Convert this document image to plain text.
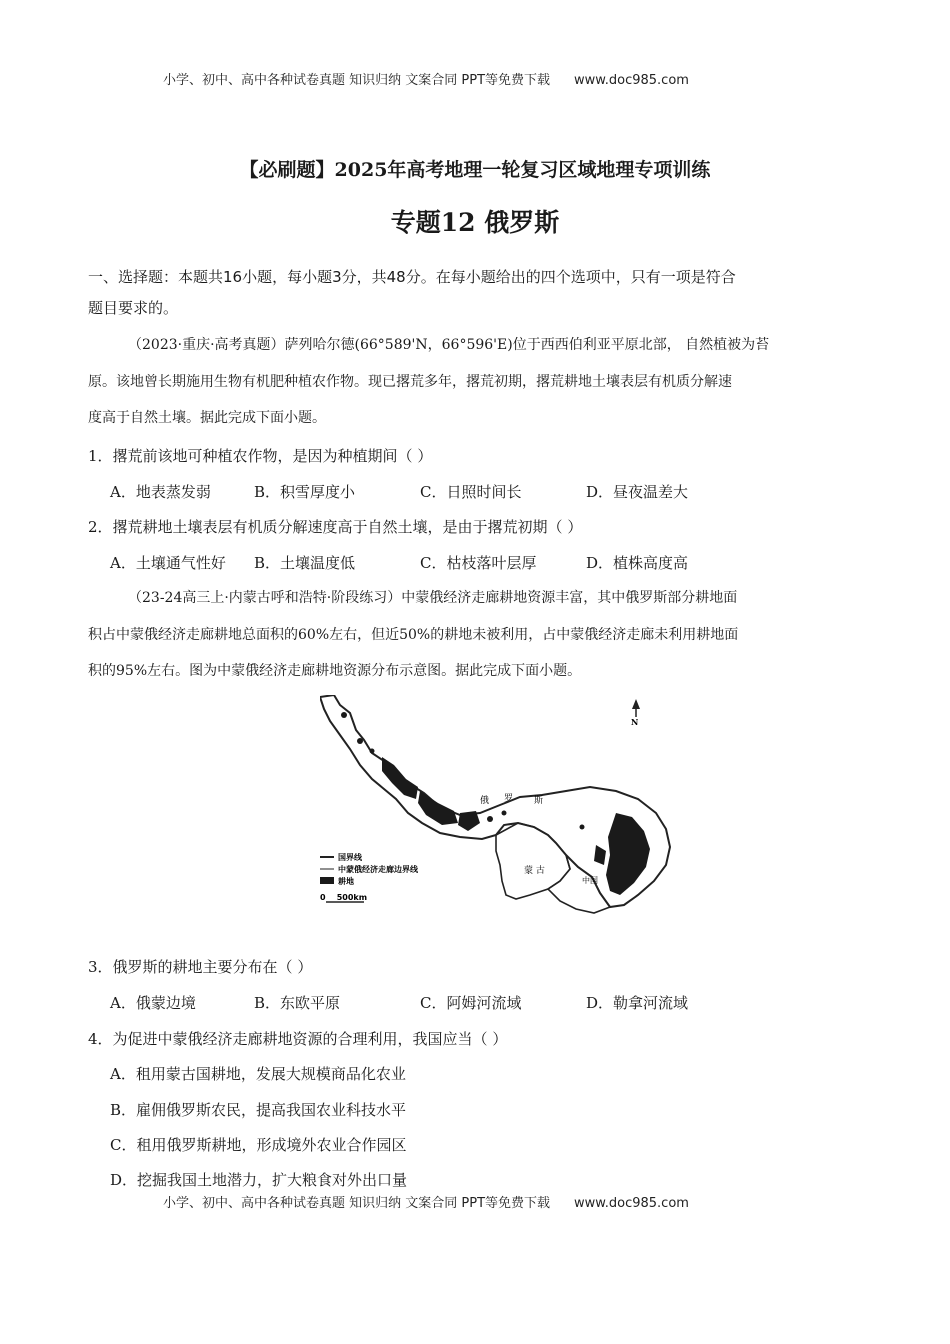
小学、初中、高中各种试卷真题 知识归纳 文案合同 PPT等免费下载 www.doc985.com
【必刷题】2025年高考地理一轮复习区域地理专项训练
专题12 俄罗斯
一、选择题：本题共16小题，每小题3分，共48分。在每小题给出的四个选项中，只有一项是符合
题目要求的。
（2023·重庆·高考真题）萨列哈尔德(66°589'N，66°596'E)位于西西伯利亚平原北部， 自然植被为苔
原。该地曾长期施用生物有机肥种植农作物。现已撂荒多年，撂荒初期，撂荒耕地土壤表层有机质分解速
度高于自然土壤。据此完成下面小题。
1．撂荒前该地可种植农作物，是因为种植期间（ ）
A．地表蒸发弱	B．积雪厚度小	C．日照时间长	D．昼夜温差大
2．撂荒耕地土壤表层有机质分解速度高于自然土壤，是由于撂荒初期（ ）
A．土壤通气性好	B．土壤温度低	C．枯枝落叶层厚	D．植株高度高
（23-24高三上·内蒙古呼和浩特·阶段练习）中蒙俄经济走廊耕地资源丰富，其中俄罗斯部分耕地面
积占中蒙俄经济走廊耕地总面积的60%左右，但近50%的耕地未被利用，占中蒙俄经济走廊未利用耕地面
积的95%左右。图为中蒙俄经济走廊耕地资源分布示意图。据此完成下面小题。
俄 罗 斯
蒙 古
中国
N
国界线
中蒙俄经济走廊边界线
耕地
0    500km
3．俄罗斯的耕地主要分布在（ ）
A．俄蒙边境	B．东欧平原	C．阿姆河流域	D．勒拿河流域
4．为促进中蒙俄经济走廊耕地资源的合理利用，我国应当（ ）
A．租用蒙古国耕地，发展大规模商品化农业
B．雇佣俄罗斯农民，提高我国农业科技水平
C．租用俄罗斯耕地，形成境外农业合作园区
D．挖掘我国土地潜力，扩大粮食对外出口量
小学、初中、高中各种试卷真题 知识归纳 文案合同 PPT等免费下载 www.doc985.com
